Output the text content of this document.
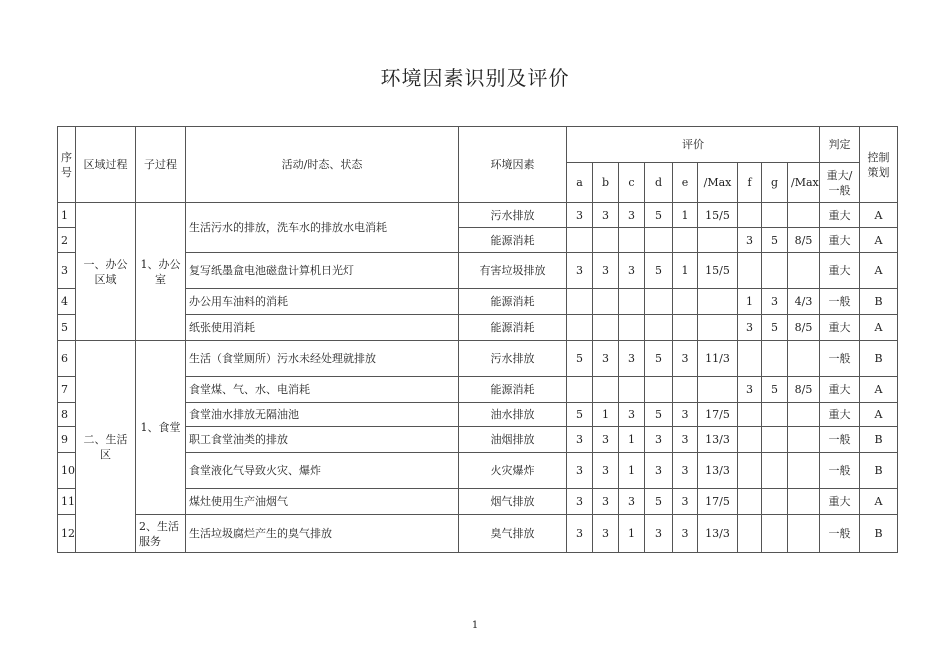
环境因素识别及评价
序号	区域过程	子过程	活动/时态、状态	环境因素	评价									判定	控制策划
					a	b	c	d	e	/Max	f	g	/Max	重大/一般	
1	一、办公区域	1、办公室	生活污水的排放，洗车水的排放水电消耗	污水排放	3	3	3	5	1	15/5				重大	A
2				能源消耗							3	5	8/5	重大	A
3			复写纸墨盒电池磁盘计算机日光灯	有害垃圾排放	3	3	3	5	1	15/5				重大	A
4			办公用车油料的消耗	能源消耗							1	3	4/3	一般	B
5			纸张使用消耗	能源消耗							3	5	8/5	重大	A
6	二、生活区	1、食堂	生活（食堂厕所）污水未经处理就排放	污水排放	5	3	3	5	3	11/3				一般	B
7			食堂煤、气、水、电消耗	能源消耗							3	5	8/5	重大	A
8			食堂油水排放无隔油池	油水排放	5	1	3	5	3	17/5				重大	A
9			职工食堂油类的排放	油烟排放	3	3	1	3	3	13/3				一般	B
10			食堂液化气导致火灾、爆炸	火灾爆炸	3	3	1	3	3	13/3				一般	B
11			煤灶使用生产油烟气	烟气排放	3	3	3	5	3	17/5				重大	A
12		2、生活服务	生活垃圾腐烂产生的臭气排放	臭气排放	3	3	1	3	3	13/3				一般	B
1
